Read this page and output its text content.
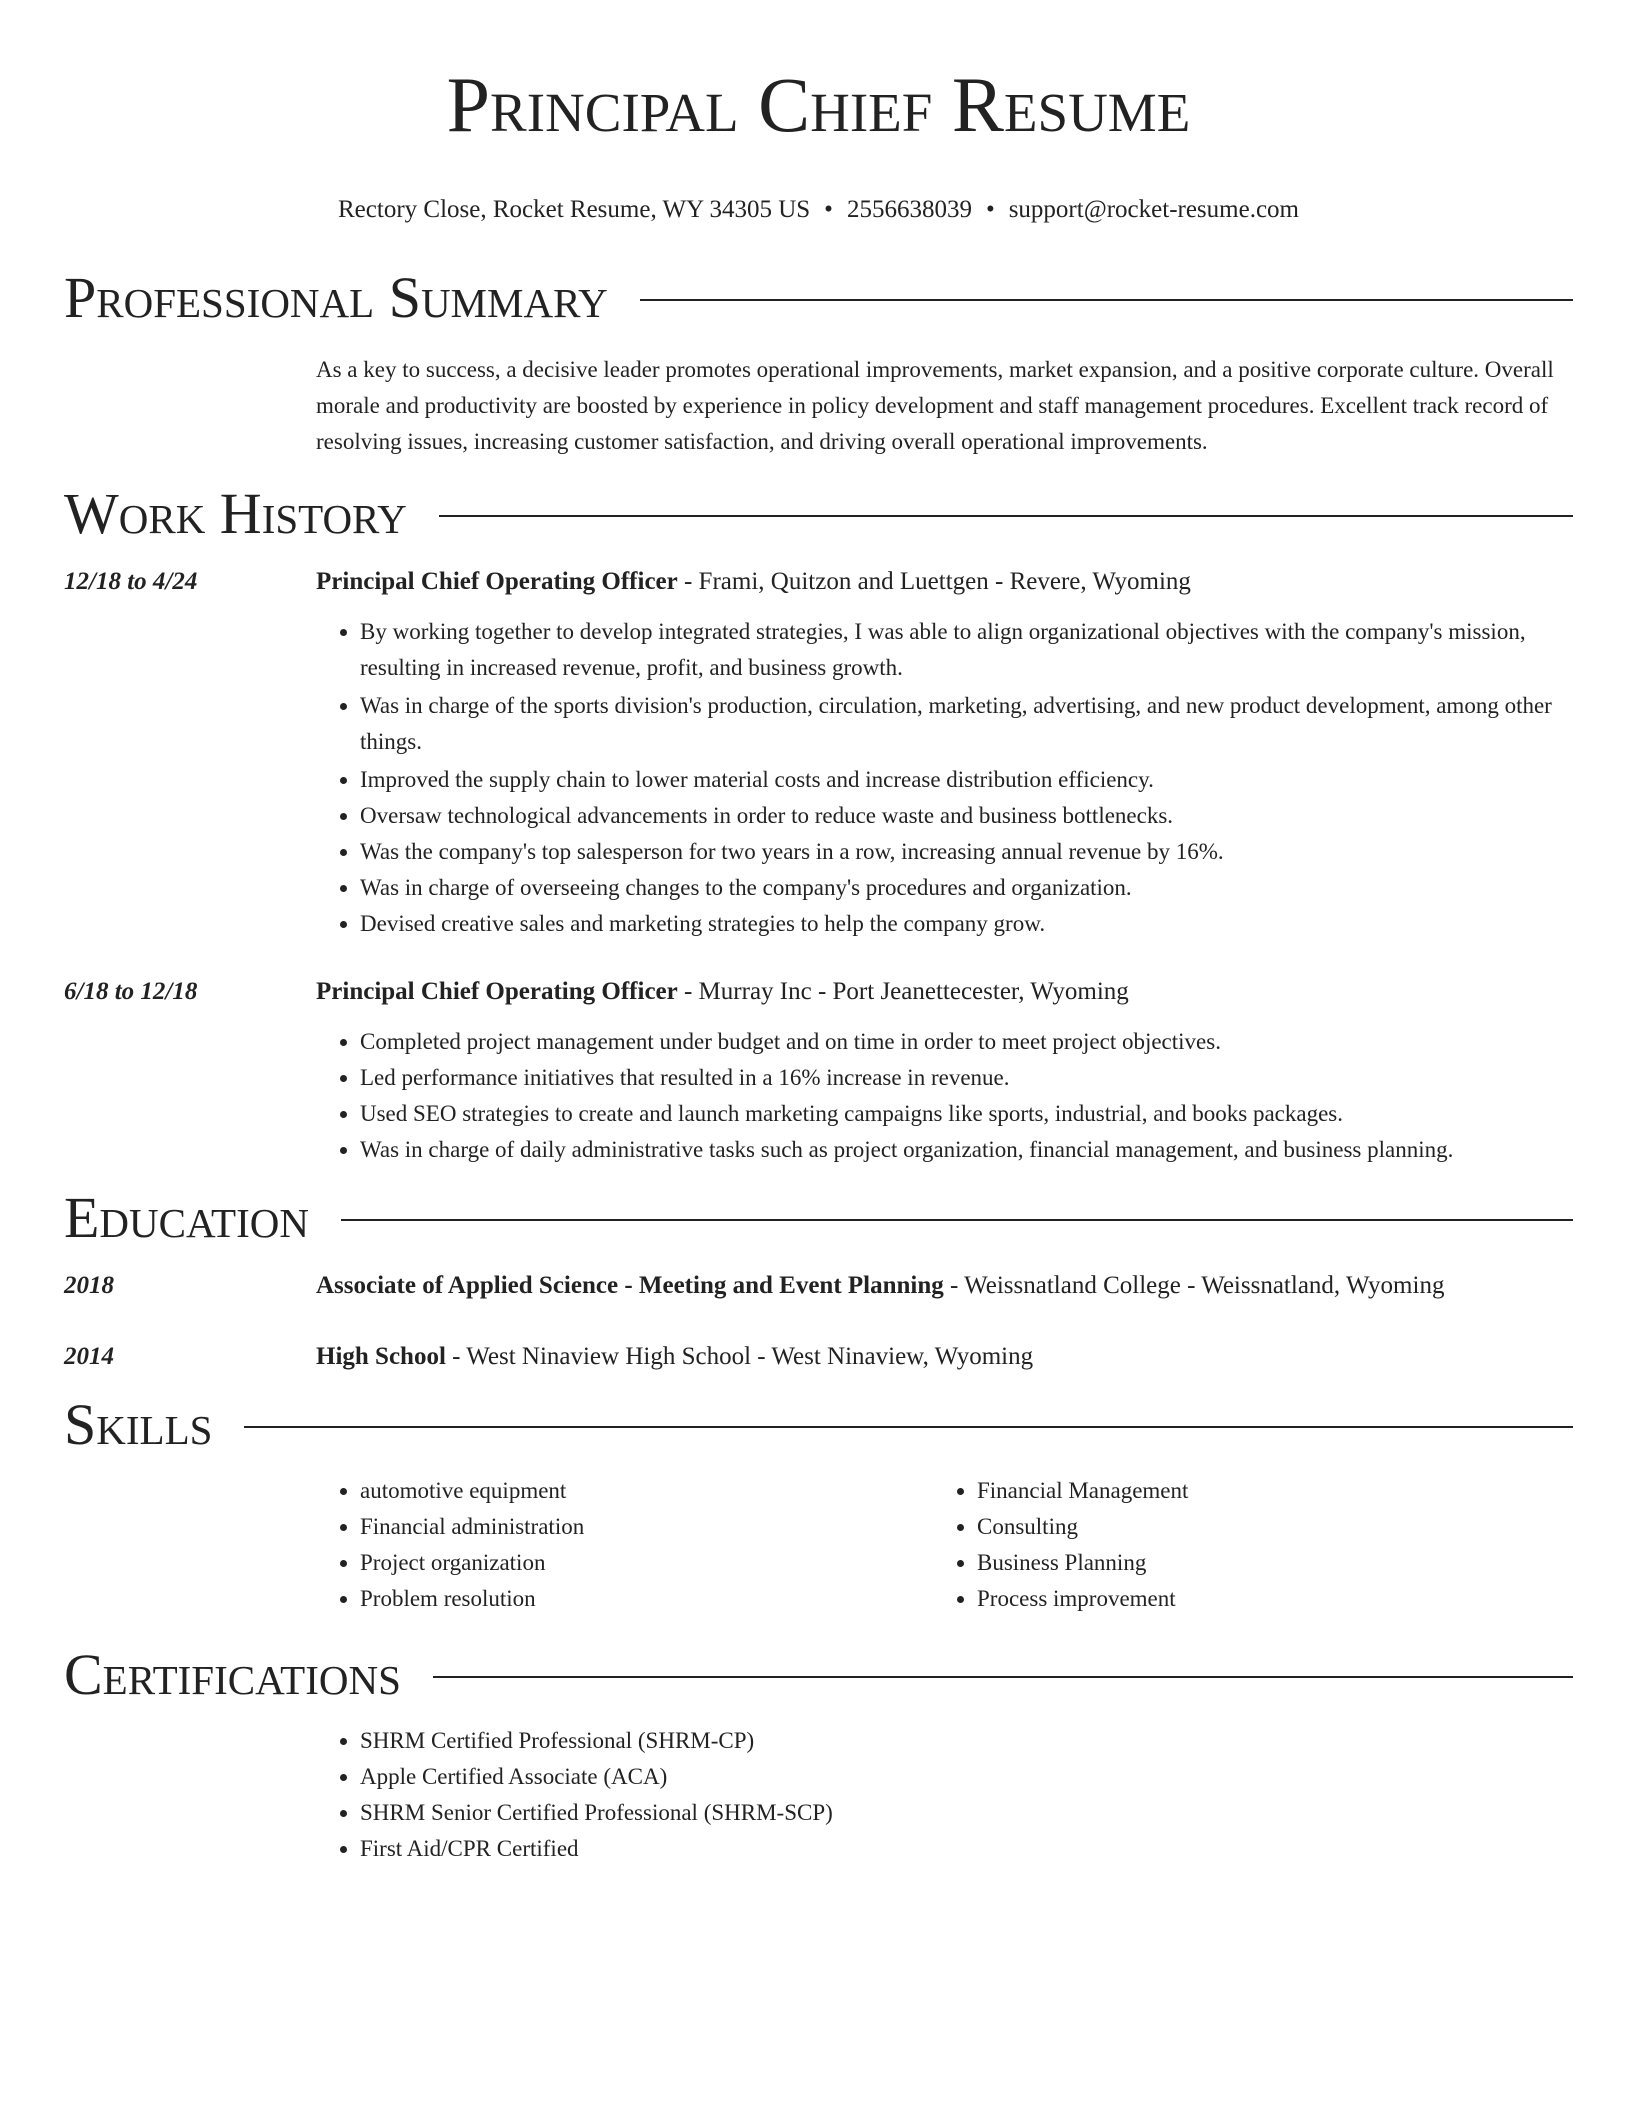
Principal Chief Resume
Rectory Close, Rocket Resume, WY 34305 US • 2556638039 • support@rocket-resume.com
Professional Summary
As a key to success, a decisive leader promotes operational improvements, market expansion, and a positive corporate culture. Overall morale and productivity are boosted by experience in policy development and staff management procedures. Excellent track record of resolving issues, increasing customer satisfaction, and driving overall operational improvements.
Work History
12/18 to 4/24	Principal Chief Operating Officer - Frami, Quitzon and Luettgen - Revere, Wyoming
• By working together to develop integrated strategies, I was able to align organizational objectives with the company's mission, resulting in increased revenue, profit, and business growth.
• Was in charge of the sports division's production, circulation, marketing, advertising, and new product development, among other things.
• Improved the supply chain to lower material costs and increase distribution efficiency.
• Oversaw technological advancements in order to reduce waste and business bottlenecks.
• Was the company's top salesperson for two years in a row, increasing annual revenue by 16%.
• Was in charge of overseeing changes to the company's procedures and organization.
• Devised creative sales and marketing strategies to help the company grow.
6/18 to 12/18	Principal Chief Operating Officer - Murray Inc - Port Jeanettecester, Wyoming
• Completed project management under budget and on time in order to meet project objectives.
• Led performance initiatives that resulted in a 16% increase in revenue.
• Used SEO strategies to create and launch marketing campaigns like sports, industrial, and books packages.
• Was in charge of daily administrative tasks such as project organization, financial management, and business planning.
Education
2018	Associate of Applied Science - Meeting and Event Planning - Weissnatland College - Weissnatland, Wyoming
2014	High School - West Ninaview High School - West Ninaview, Wyoming
Skills
• automotive equipment
• Financial administration
• Project organization
• Problem resolution
• Financial Management
• Consulting
• Business Planning
• Process improvement
Certifications
• SHRM Certified Professional (SHRM-CP)
• Apple Certified Associate (ACA)
• SHRM Senior Certified Professional (SHRM-SCP)
• First Aid/CPR Certified
